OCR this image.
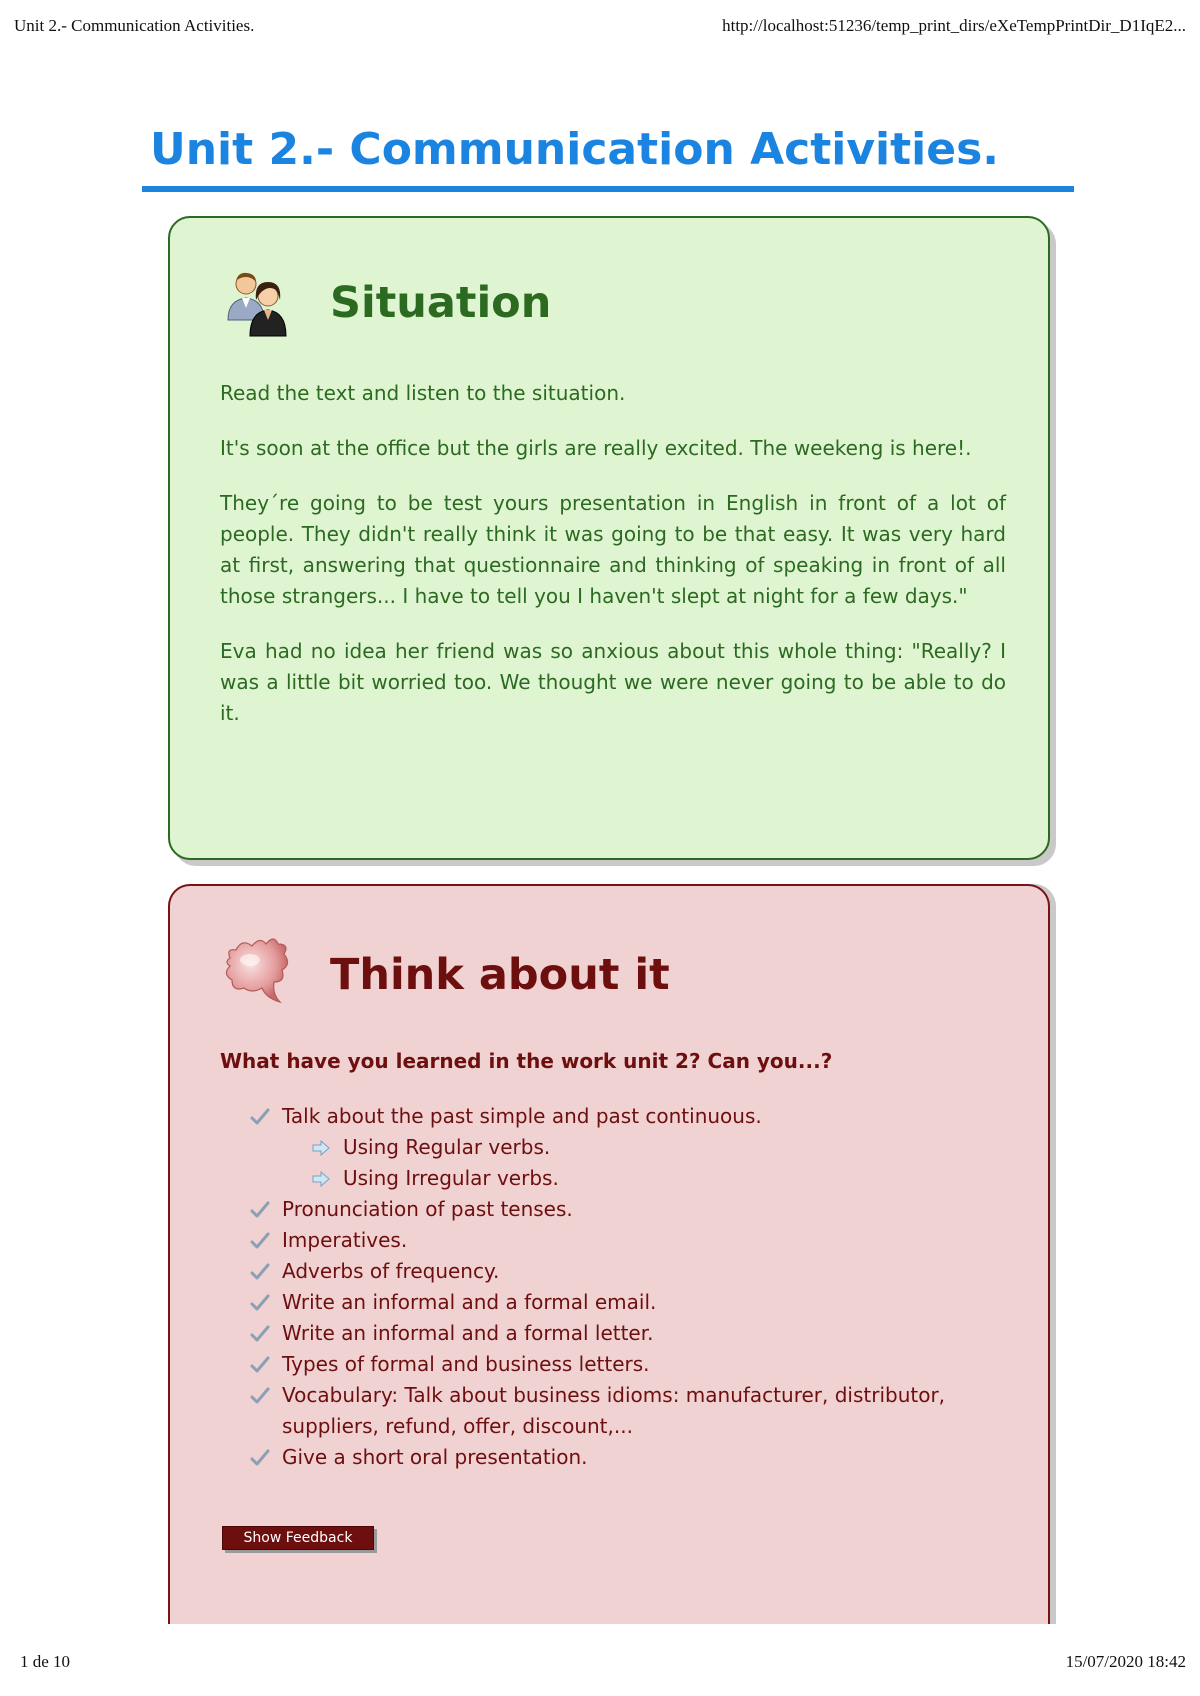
Unit 2.- Communication Activities.	http://localhost:51236/temp_print_dirs/eXeTempPrintDir_D1IqE2...
Unit 2.- Communication Activities.
Situation

Read the text and listen to the situation.

It's soon at the office but the girls are really excited. The weekeng is here!.

They´re going to be test yours presentation in English in front of a lot of people. They didn't really think it was going to be that easy. It was very hard at first, answering that questionnaire and thinking of speaking in front of all those strangers... I have to tell you I haven't slept at night for a few days."

Eva had no idea her friend was so anxious about this whole thing: "Really? I was a little bit worried too. We thought we were never going to be able to do it.

Think about it

What have you learned in the work unit 2? Can you...?

Talk about the past simple and past continuous.
Using Regular verbs.
Using Irregular verbs.
Pronunciation of past tenses.
Imperatives.
Adverbs of frequency.
Write an informal and a formal email.
Write an informal and a formal letter.
Types of formal and business letters.
Vocabulary: Talk about business idioms: manufacturer, distributor, suppliers, refund, offer, discount,...
Give a short oral presentation.
Show Feedback
1 de 10	15/07/2020 18:42
